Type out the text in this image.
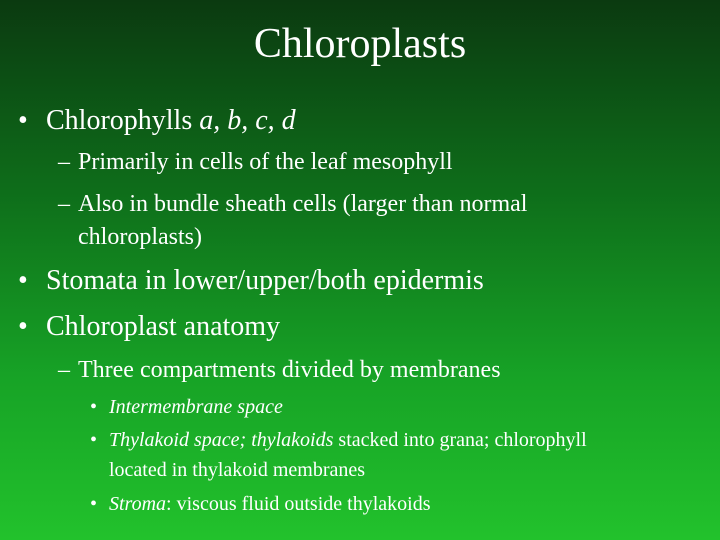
Chloroplasts
• Chlorophylls a, b, c, d
– Primarily in cells of the leaf mesophyll
– Also in bundle sheath cells (larger than normal
chloroplasts)
• Stomata in lower/upper/both epidermis
• Chloroplast anatomy
– Three compartments divided by membranes
• Intermembrane space
• Thylakoid space; thylakoids stacked into grana; chlorophyll
located in thylakoid membranes
• Stroma: viscous fluid outside thylakoids
